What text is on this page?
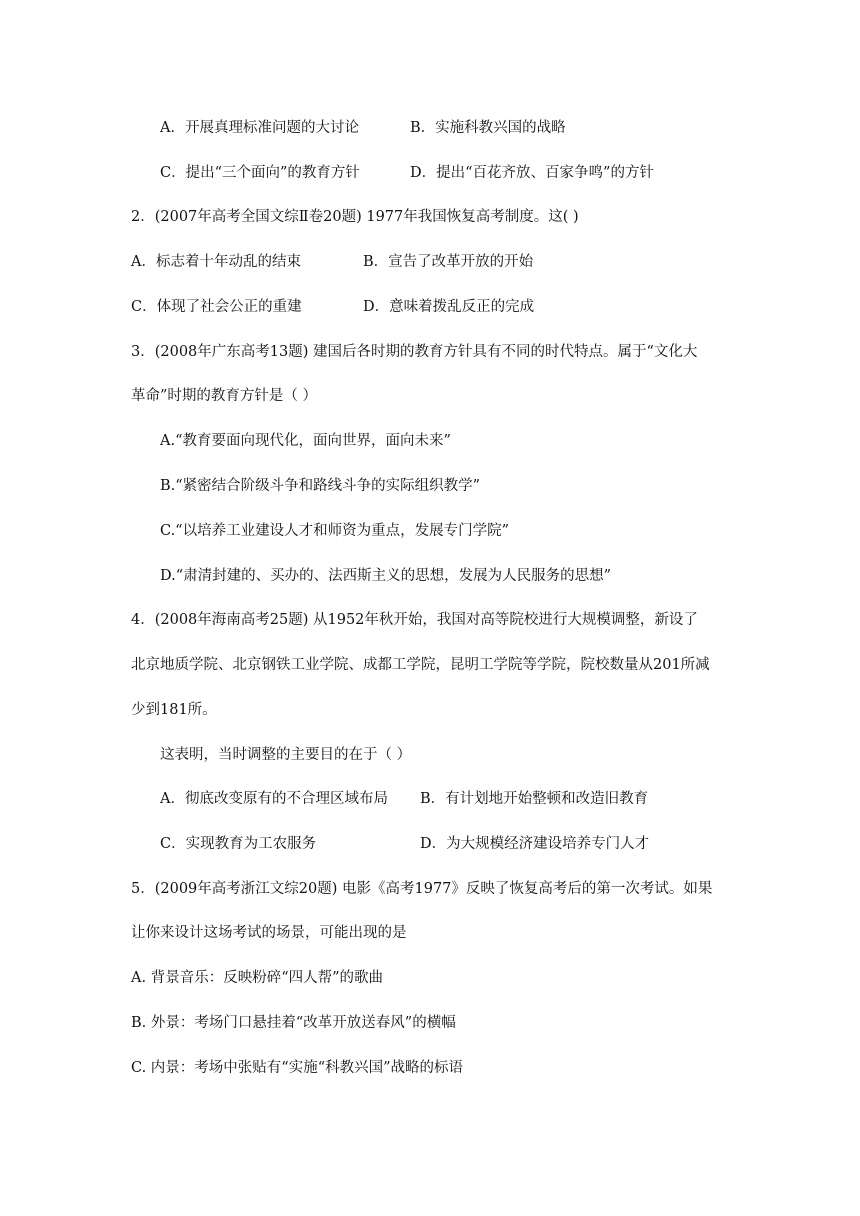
A．开展真理标准问题的大讨论	B．实施科教兴国的战略
C．提出“三个面向”的教育方针	D．提出“百花齐放、百家争鸣”的方针
2．(2007年高考全国文综Ⅱ卷20题) 1977年我国恢复高考制度。这( )
A．标志着十年动乱的结束	B．宣告了改革开放的开始
C．体现了社会公正的重建	D．意味着拨乱反正的完成
3．(2008年广东高考13题) 建国后各时期的教育方针具有不同的时代特点。属于“文化大
革命”时期的教育方针是（ ）
A.“教育要面向现代化，面向世界，面向未来”
B.“紧密结合阶级斗争和路线斗争的实际组织教学”
C.“以培养工业建设人才和师资为重点，发展专门学院”
D.“肃清封建的、买办的、法西斯主义的思想，发展为人民服务的思想”
4．(2008年海南高考25题) 从1952年秋开始，我国对高等院校进行大规模调整，新设了
北京地质学院、北京钢铁工业学院、成都工学院，昆明工学院等学院，院校数量从201所减
少到181所。
这表明，当时调整的主要目的在于（ ）
A．彻底改变原有的不合理区域布局 B．有计划地开始整顿和改造旧教育
C．实现教育为工农服务	D．为大规模经济建设培养专门人才
5．(2009年高考浙江文综20题) 电影《高考1977》反映了恢复高考后的第一次考试。如果
让你来设计这场考试的场景，可能出现的是
A. 背景音乐：反映粉碎“四人帮”的歌曲
B. 外景：考场门口悬挂着“改革开放送春风”的横幅
C. 内景：考场中张贴有“实施“科教兴国”战略的标语
